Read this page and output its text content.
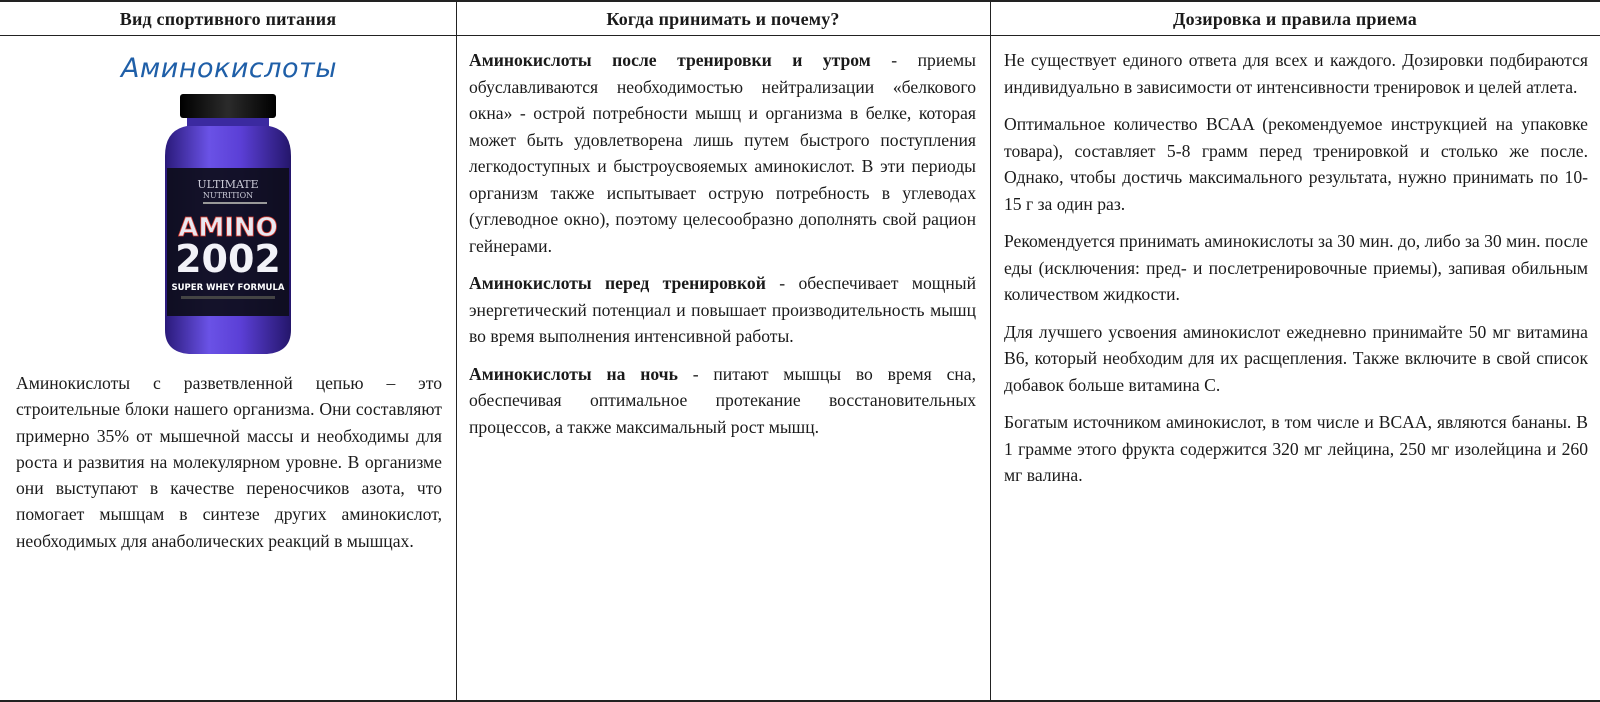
Вид спортивного питания	Когда принимать и почему?	Дозировка и правила приема
Аминокислоты
ULTIMATE
NUTRITION
AMINO
2002
SUPER WHEY FORMULA

Аминокислоты с разветвленной цепью – это строительные блоки нашего организма. Они составляют примерно 35% от мышечной массы и необходимы для роста и развития на молекулярном уровне. В организме они выступают в качестве переносчиков азота, что помогает мышцам в синтезе других аминокислот, необходимых для анаболических реакций в мышцах.

Аминокислоты после тренировки и утром - приемы обуславливаются необходимостью нейтрализации «белкового окна» - острой потребности мышц и организма в белке, которая может быть удовлетворена лишь путем быстрого поступления легкодоступных и быстроусвояемых аминокислот. В эти периоды организм также испытывает острую потребность в углеводах (углеводное окно), поэтому целесообразно дополнять свой рацион гейнерами.

Аминокислоты перед тренировкой - обеспечивает мощный энергетический потенциал и повышает производительность мышц во время выполнения интенсивной работы.

Аминокислоты на ночь - питают мышцы во время сна, обеспечивая оптимальное протекание восстановительных процессов, а также максимальный рост мышц.

Не существует единого ответа для всех и каждого. Дозировки подбираются индивидуально в зависимости от интенсивности тренировок и целей атлета.

Оптимальное количество BCAA (рекомендуемое инструкцией на упаковке товара), составляет 5-8 грамм перед тренировкой и столько же после. Однако, чтобы достичь максимального результата, нужно принимать по 10-15 г за один раз.

Рекомендуется принимать аминокислоты за 30 мин. до, либо за 30 мин. после еды (исключения: пред- и послетренировочные приемы), запивая обильным количеством жидкости.

Для лучшего усвоения аминокислот ежедневно принимайте 50 мг витамина B6, который необходим для их расщепления. Также включите в свой список добавок больше витамина C.

Богатым источником аминокислот, в том числе и BCAA, являются бананы. В 1 грамме этого фрукта содержится 320 мг лейцина, 250 мг изолейцина и 260 мг валина.
